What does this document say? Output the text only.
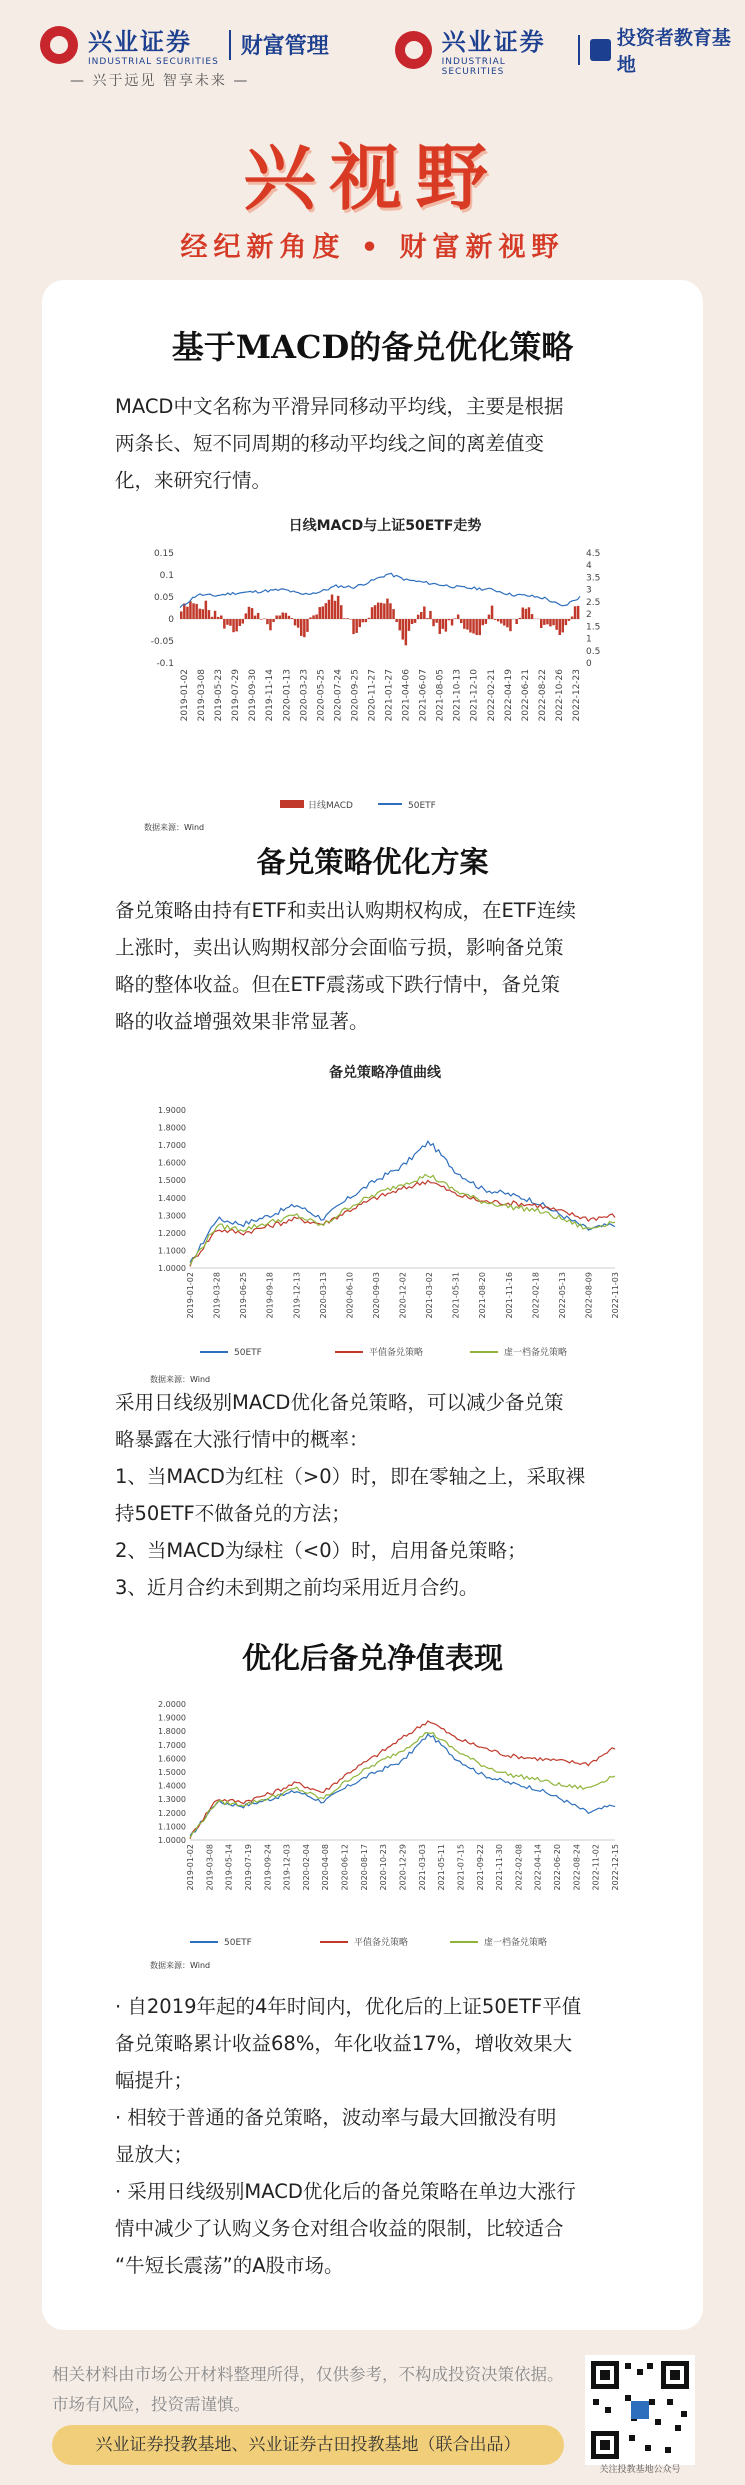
兴业证券
INDUSTRIAL SECURITIES
财富管理
— 兴于远见 智享未来 —
兴业证券
INDUSTRIAL SECURITIES
投资者教育基地
兴视野
经纪新角度 • 财富新视野
基于MACD的备兑优化策略
MACD中文名称为平滑异同移动平均线，主要是根据
两条长、短不同周期的移动平均线之间的离差值变
化，来研究行情。
日线MACD与上证50ETF走势
0.15
0.1
0.05
0
-0.05
-0.1
4.5
4
3.5
3
2.5
2
1.5
1
0.5
0
2019-01-02 2019-03-08 2019-05-23 2019-07-29 2019-09-30 2019-11-14 2020-01-13 2020-03-23 2020-05-25 2020-07-24 2020-09-25 2020-11-27 2021-01-27 2021-04-06 2021-06-07 2021-08-05 2021-10-13 2021-12-10 2022-02-21 2022-04-19 2022-06-21 2022-08-22 2022-10-26 2022-12-23
日线MACD	50ETF
数据来源：Wind
备兑策略优化方案
备兑策略由持有ETF和卖出认购期权构成，在ETF连续
上涨时，卖出认购期权部分会面临亏损，影响备兑策
略的整体收益。但在ETF震荡或下跌行情中，备兑策
略的收益增强效果非常显著。
备兑策略净值曲线
1.9000
1.8000
1.7000
1.6000
1.5000
1.4000
1.3000
1.2000
1.1000
1.0000
2019-01-02 2019-03-28 2019-06-25 2019-09-18 2019-12-13 2020-03-13 2020-06-10 2020-09-03 2020-12-02 2021-03-02 2021-05-31 2021-08-20 2021-11-16 2022-02-18 2022-05-13 2022-08-09 2022-11-03
50ETF	平值备兑策略	虚一档备兑策略
数据来源：Wind
采用日线级别MACD优化备兑策略，可以减少备兑策
略暴露在大涨行情中的概率：
1、当MACD为红柱（>0）时，即在零轴之上，采取裸
持50ETF不做备兑的方法；
2、当MACD为绿柱（<0）时，启用备兑策略；
3、近月合约未到期之前均采用近月合约。
优化后备兑净值表现
2.0000
1.9000
1.8000
1.7000
1.6000
1.5000
1.4000
1.3000
1.2000
1.1000
1.0000
2019-01-02 2019-03-08 2019-05-14 2019-07-19 2019-09-24 2019-12-03 2020-02-04 2020-04-08 2020-06-12 2020-08-17 2020-10-23 2020-12-29 2021-03-03 2021-05-11 2021-07-15 2021-09-22 2021-11-30 2022-02-08 2022-04-14 2022-06-20 2022-08-24 2022-11-02 2022-12-15
50ETF	平值备兑策略	虚一档备兑策略
数据来源：Wind
· 自2019年起的4年时间内，优化后的上证50ETF平值
备兑策略累计收益68%，年化收益17%，增收效果大
幅提升；
· 相较于普通的备兑策略，波动率与最大回撤没有明
显放大；
· 采用日线级别MACD优化后的备兑策略在单边大涨行
情中减少了认购义务仓对组合收益的限制，比较适合
“牛短长震荡”的A股市场。
相关材料由市场公开材料整理所得，仅供参考，不构成投资决策依据。市场有风险，投资需谨慎。
兴业证券投教基地、兴业证券古田投教基地（联合出品）
关注投教基地公众号
